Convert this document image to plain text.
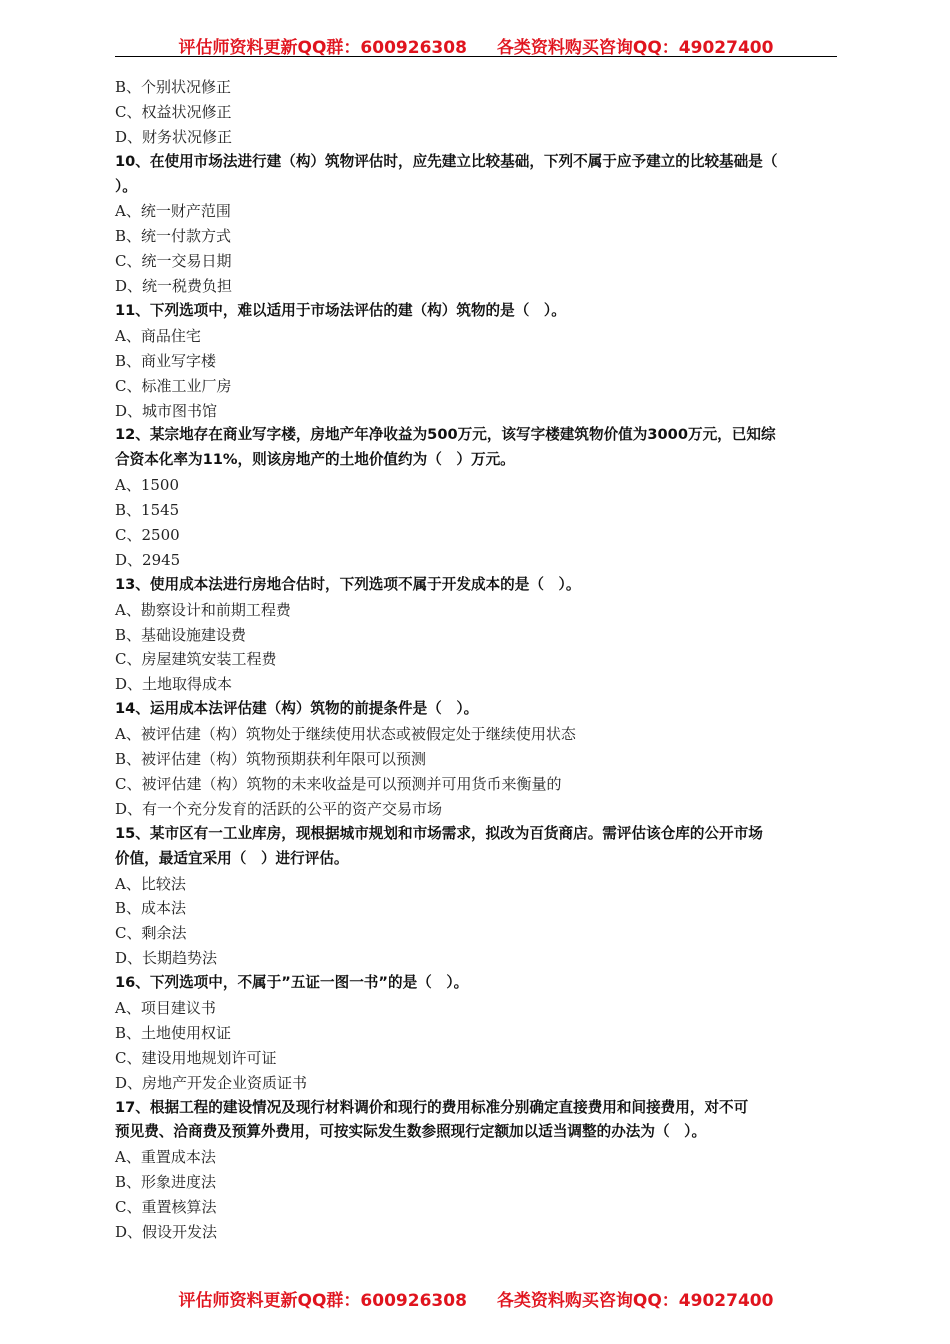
评估师资料更新QQ群：600926308 各类资料购买咨询QQ：49027400
B、个别状况修正
C、权益状况修正
D、财务状况修正
10、在使用市场法进行建（构）筑物评估时，应先建立比较基础，下列不属于应予建立的比较基础是（
）。
A、统一财产范围
B、统一付款方式
C、统一交易日期
D、统一税费负担
11、下列选项中，难以适用于市场法评估的建（构）筑物的是（　）。
A、商品住宅
B、商业写字楼
C、标准工业厂房
D、城市图书馆
12、某宗地存在商业写字楼，房地产年净收益为500万元，该写字楼建筑物价值为3000万元，已知综
合资本化率为11%，则该房地产的土地价值约为（　）万元。
A、1500
B、1545
C、2500
D、2945
13、使用成本法进行房地合估时，下列选项不属于开发成本的是（　）。
A、勘察设计和前期工程费
B、基础设施建设费
C、房屋建筑安装工程费
D、土地取得成本
14、运用成本法评估建（构）筑物的前提条件是（　）。
A、被评估建（构）筑物处于继续使用状态或被假定处于继续使用状态
B、被评估建（构）筑物预期获利年限可以预测
C、被评估建（构）筑物的未来收益是可以预测并可用货币来衡量的
D、有一个充分发育的活跃的公平的资产交易市场
15、某市区有一工业库房，现根据城市规划和市场需求，拟改为百货商店。需评估该仓库的公开市场
价值，最适宜采用（　）进行评估。
A、比较法
B、成本法
C、剩余法
D、长期趋势法
16、下列选项中，不属于”五证一图一书”的是（　）。
A、项目建议书
B、土地使用权证
C、建设用地规划许可证
D、房地产开发企业资质证书
17、根据工程的建设情况及现行材料调价和现行的费用标准分别确定直接费用和间接费用，对不可
预见费、洽商费及预算外费用，可按实际发生数参照现行定额加以适当调整的办法为（　）。
A、重置成本法
B、形象进度法
C、重置核算法
D、假设开发法
评估师资料更新QQ群：600926308 各类资料购买咨询QQ：49027400
